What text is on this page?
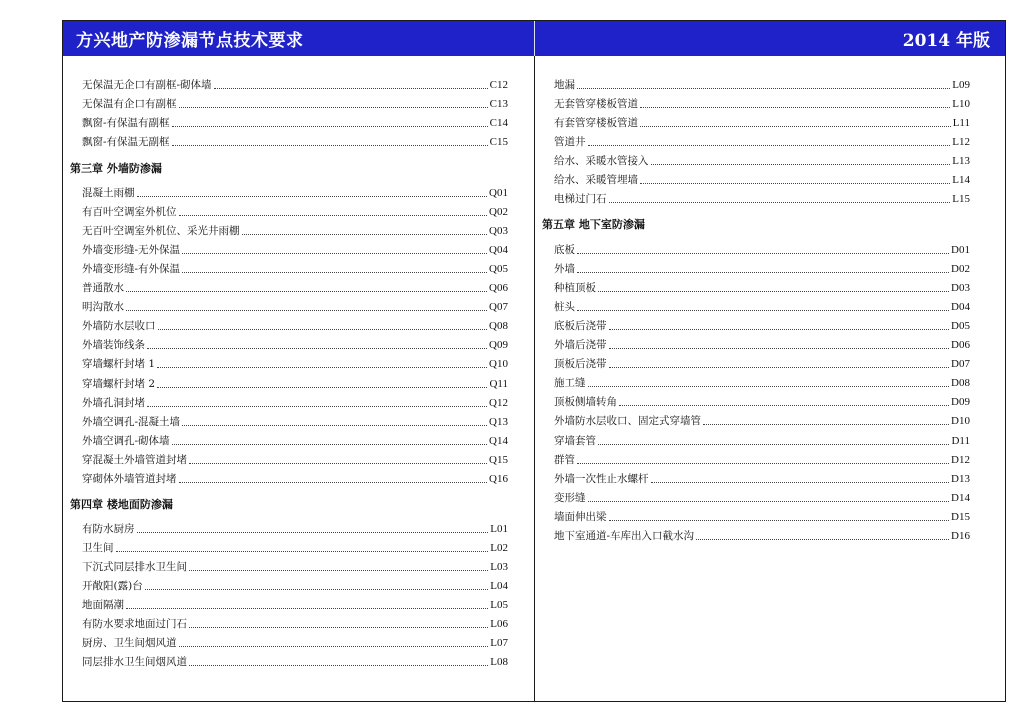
方兴地产防渗漏节点技术要求	2014 年版
无保温无企口有副框-砌体墙	C12
无保温有企口有副框	C13
飘窗-有保温有副框	C14
飘窗-有保温无副框	C15
第三章 外墙防渗漏
混凝土雨棚	Q01
有百叶空调室外机位	Q02
无百叶空调室外机位、采光井雨棚	Q03
外墙变形缝-无外保温	Q04
外墙变形缝-有外保温	Q05
普通散水	Q06
明沟散水	Q07
外墙防水层收口	Q08
外墙装饰线条	Q09
穿墙螺杆封堵 1	Q10
穿墙螺杆封堵 2	Q11
外墙孔洞封堵	Q12
外墙空调孔-混凝土墙	Q13
外墙空调孔-砌体墙	Q14
穿混凝土外墙管道封堵	Q15
穿砌体外墙管道封堵	Q16
第四章 楼地面防渗漏
有防水厨房	L01
卫生间	L02
下沉式同层排水卫生间	L03
开敞阳(露)台	L04
地面隔潮	L05
有防水要求地面过门石	L06
厨房、卫生间烟风道	L07
同层排水卫生间烟风道	L08
地漏	L09
无套管穿楼板管道	L10
有套管穿楼板管道	L11
管道井	L12
给水、采暖水管接入	L13
给水、采暖管埋墙	L14
电梯过门石	L15
第五章 地下室防渗漏
底板	D01
外墙	D02
种植顶板	D03
桩头	D04
底板后浇带	D05
外墙后浇带	D06
顶板后浇带	D07
施工缝	D08
顶板侧墙转角	D09
外墙防水层收口、固定式穿墙管	D10
穿墙套管	D11
群管	D12
外墙一次性止水螺杆	D13
变形缝	D14
墙面伸出梁	D15
地下室通道-车库出入口截水沟	D16
